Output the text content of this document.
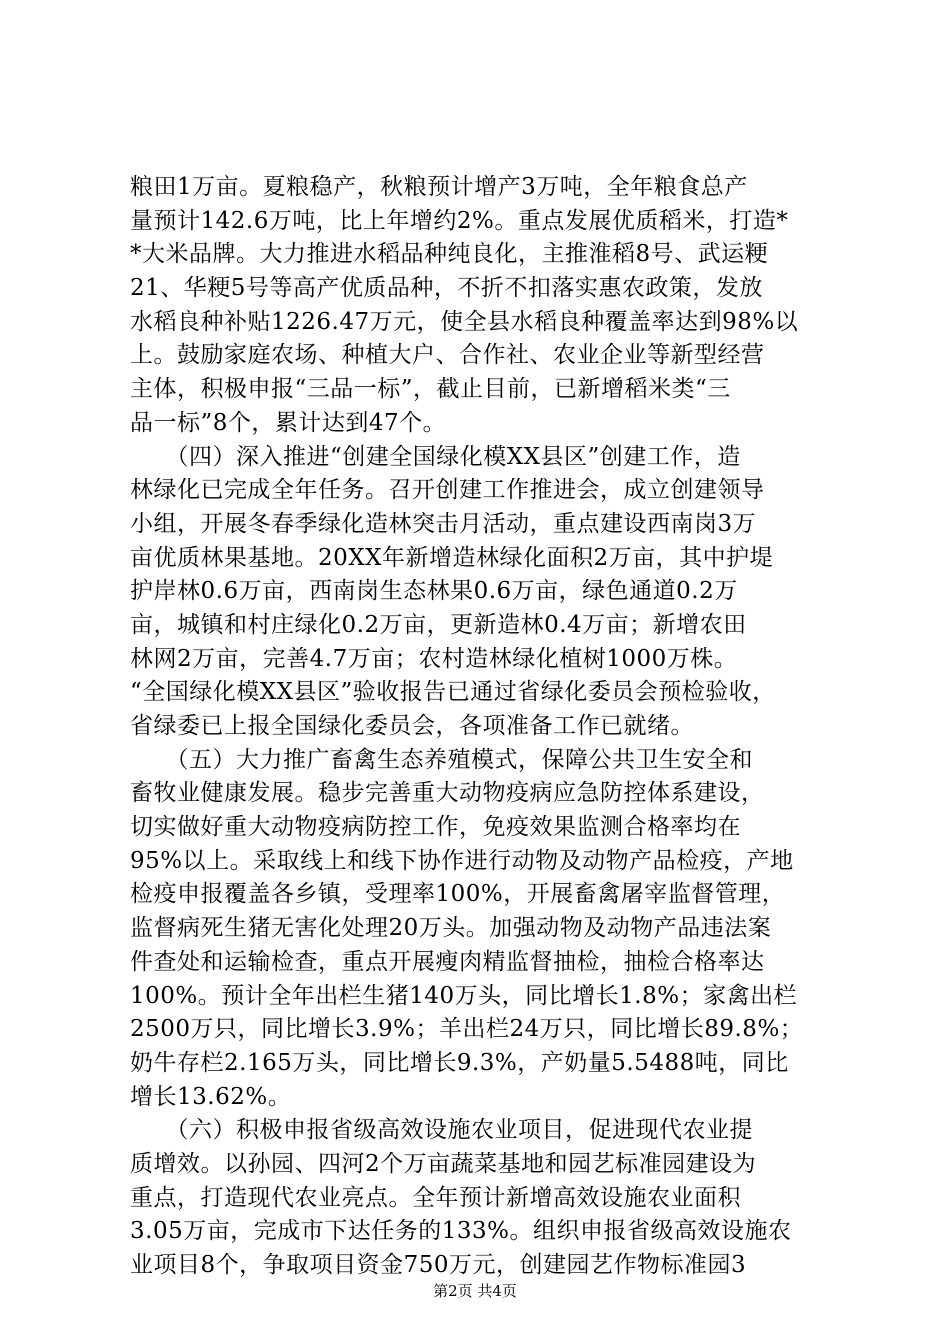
粮田1万亩。夏粮稳产，秋粮预计增产3万吨，全年粮食总产
量预计142.6万吨，比上年增约2%。重点发展优质稻米，打造*
*大米品牌。大力推进水稻品种纯良化，主推淮稻8号、武运粳
21、华粳5号等高产优质品种，不折不扣落实惠农政策，发放
水稻良种补贴1226.47万元，使全县水稻良种覆盖率达到98%以
上。鼓励家庭农场、种植大户、合作社、农业企业等新型经营
主体，积极申报“三品一标”，截止目前，已新增稻米类“三
品一标”8个，累计达到47个。
　　（四）深入推进“创建全国绿化模XX县区”创建工作，造
林绿化已完成全年任务。召开创建工作推进会，成立创建领导
小组，开展冬春季绿化造林突击月活动，重点建设西南岗3万
亩优质林果基地。20XX年新增造林绿化面积2万亩，其中护堤
护岸林0.6万亩，西南岗生态林果0.6万亩，绿色通道0.2万
亩，城镇和村庄绿化0.2万亩，更新造林0.4万亩；新增农田
林网2万亩，完善4.7万亩；农村造林绿化植树1000万株。
“全国绿化模XX县区”验收报告已通过省绿化委员会预检验收，
省绿委已上报全国绿化委员会，各项准备工作已就绪。
　　（五）大力推广畜禽生态养殖模式，保障公共卫生安全和
畜牧业健康发展。稳步完善重大动物疫病应急防控体系建设，
切实做好重大动物疫病防控工作，免疫效果监测合格率均在
95%以上。采取线上和线下协作进行动物及动物产品检疫，产地
检疫申报覆盖各乡镇，受理率100%，开展畜禽屠宰监督管理，
监督病死生猪无害化处理20万头。加强动物及动物产品违法案
件查处和运输检查，重点开展瘦肉精监督抽检，抽检合格率达
100%。预计全年出栏生猪140万头，同比增长1.8%；家禽出栏
2500万只，同比增长3.9%；羊出栏24万只，同比增长89.8%；
奶牛存栏2.165万头，同比增长9.3%，产奶量5.5488吨，同比
增长13.62%。
　　（六）积极申报省级高效设施农业项目，促进现代农业提
质增效。以孙园、四河2个万亩蔬菜基地和园艺标准园建设为
重点，打造现代农业亮点。全年预计新增高效设施农业面积
3.05万亩，完成市下达任务的133%。组织申报省级高效设施农
业项目8个，争取项目资金750万元，创建园艺作物标准园3
第2页 共4页
